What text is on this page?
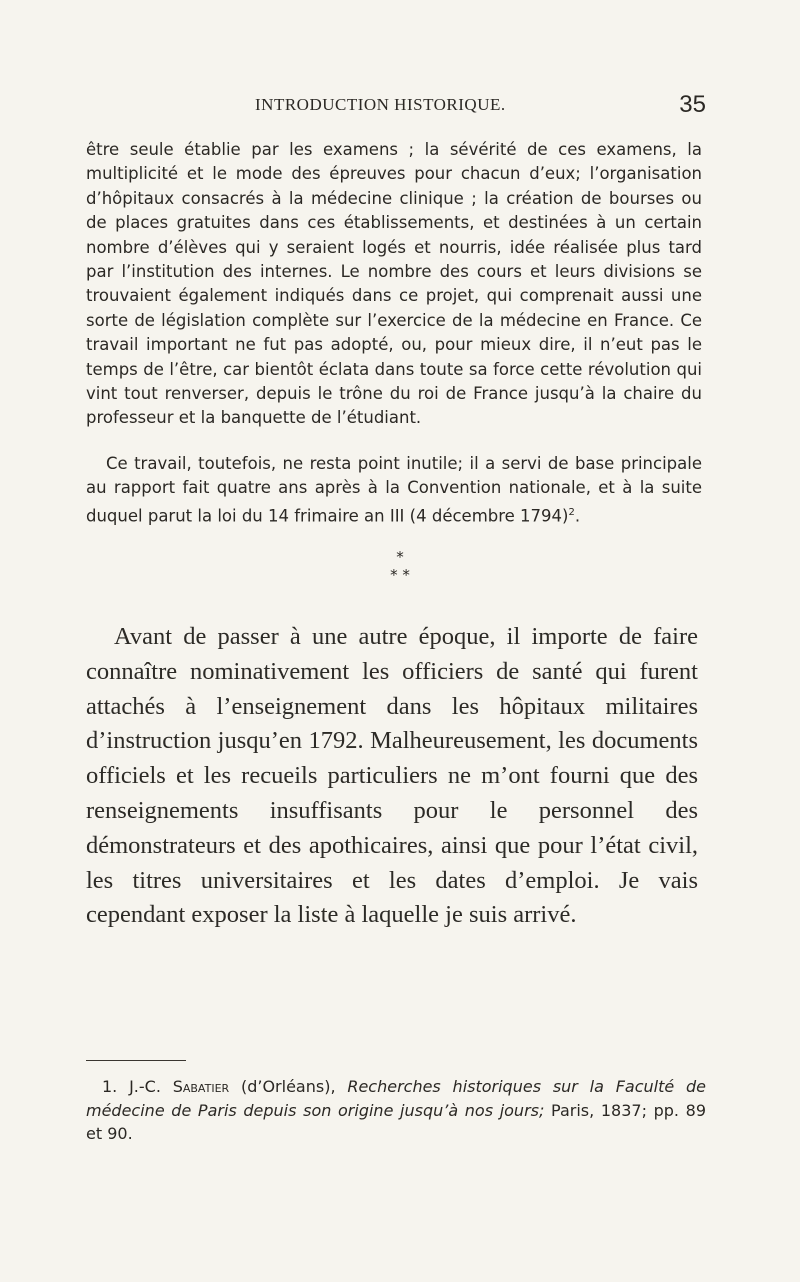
INTRODUCTION HISTORIQUE.	35
être seule établie par les examens ; la sévérité de ces examens, la multiplicité et le mode des épreuves pour chacun d’eux; l’organisation d’hôpitaux consacrés à la médecine clinique ; la création de bourses ou de places gratuites dans ces établissements, et destinées à un certain nombre d’élèves qui y seraient logés et nourris, idée réalisée plus tard par l’institution des internes. Le nombre des cours et leurs divisions se trouvaient également indiqués dans ce projet, qui comprenait aussi une sorte de législation complète sur l’exercice de la médecine en France. Ce travail important ne fut pas adopté, ou, pour mieux dire, il n’eut pas le temps de l’être, car bientôt éclata dans toute sa force cette révolution qui vint tout renverser, depuis le trône du roi de France jusqu’à la chaire du professeur et la banquette de l’étudiant.
Ce travail, toutefois, ne resta point inutile; il a servi de base principale au rapport fait quatre ans après à la Convention nationale, et à la suite duquel parut la loi du 14 frimaire an III (4 décembre 1794)$^2$.
*
* *
Avant de passer à une autre époque, il importe de faire connaître nominativement les officiers de santé qui furent attachés à l’enseignement dans les hôpitaux militaires d’instruction jusqu’en 1792. Malheureusement, les documents officiels et les recueils particuliers ne m’ont fourni que des renseignements insuffisants pour le personnel des démonstrateurs et des apothicaires, ainsi que pour l’état civil, les titres universitaires et les dates d’emploi. Je vais cependant exposer la liste à laquelle je suis arrivé.
1. J.-C. Sabatier (d’Orléans), Recherches historiques sur la Faculté de médecine de Paris depuis son origine jusqu’à nos jours; Paris, 1837; pp. 89 et 90.
